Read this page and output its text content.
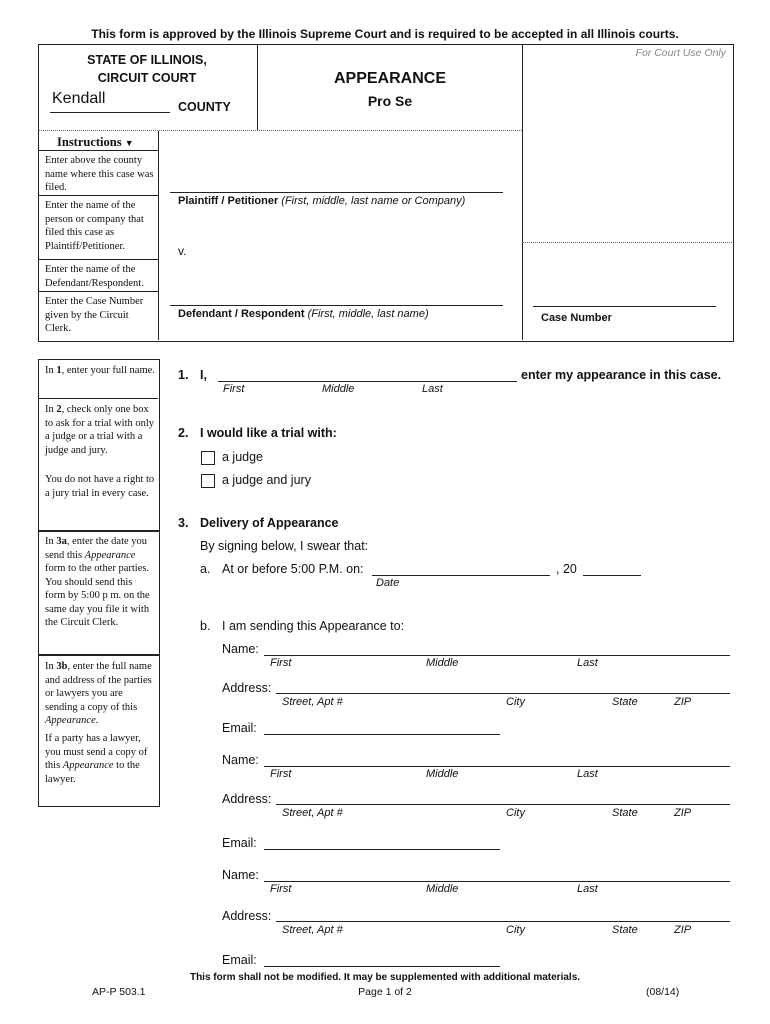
This form is approved by the Illinois Supreme Court and is required to be accepted in all Illinois courts.
STATE OF ILLINOIS,
CIRCUIT COURT
Kendall	COUNTY
APPEARANCE
Pro Se
For Court Use Only
Instructions ▼
Enter above the county name where this case was filed.
Enter the name of the person or company that filed this case as Plaintiff/Petitioner.
Enter the name of the Defendant/Respondent.
Enter the Case Number given by the Circuit Clerk.
Plaintiff / Petitioner (First, middle, last name or Company)
v.
Defendant / Respondent (First, middle, last name)	Case Number
In 1, enter your full name.
In 2, check only one box to ask for a trial with only a judge or a trial with a judge and jury.
You do not have a right to a jury trial in every case.
In 3a, enter the date you send this Appearance form to the other parties. You should send this form by 5:00 p m. on the same day you file it with the Circuit Clerk.
In 3b, enter the full name and address of the parties or lawyers you are sending a copy of this Appearance.
If a party has a lawyer, you must send a copy of this Appearance to the lawyer.
1. I,	enter my appearance in this case.
First	Middle	Last
2. I would like a trial with:
a judge
a judge and jury
3. Delivery of Appearance
By signing below, I swear that:
a. At or before 5:00 P.M. on:	, 20
Date
b. I am sending this Appearance to:
Name:
First	Middle	Last
Address:
Street, Apt #	City	State	ZIP
Email:
Name:
First	Middle	Last
Address:
Street, Apt #	City	State	ZIP
Email:
Name:
First	Middle	Last
Address:
Street, Apt #	City	State	ZIP
Email:
This form shall not be modified. It may be supplemented with additional materials.
AP-P 503.1	Page 1 of 2	(08/14)
